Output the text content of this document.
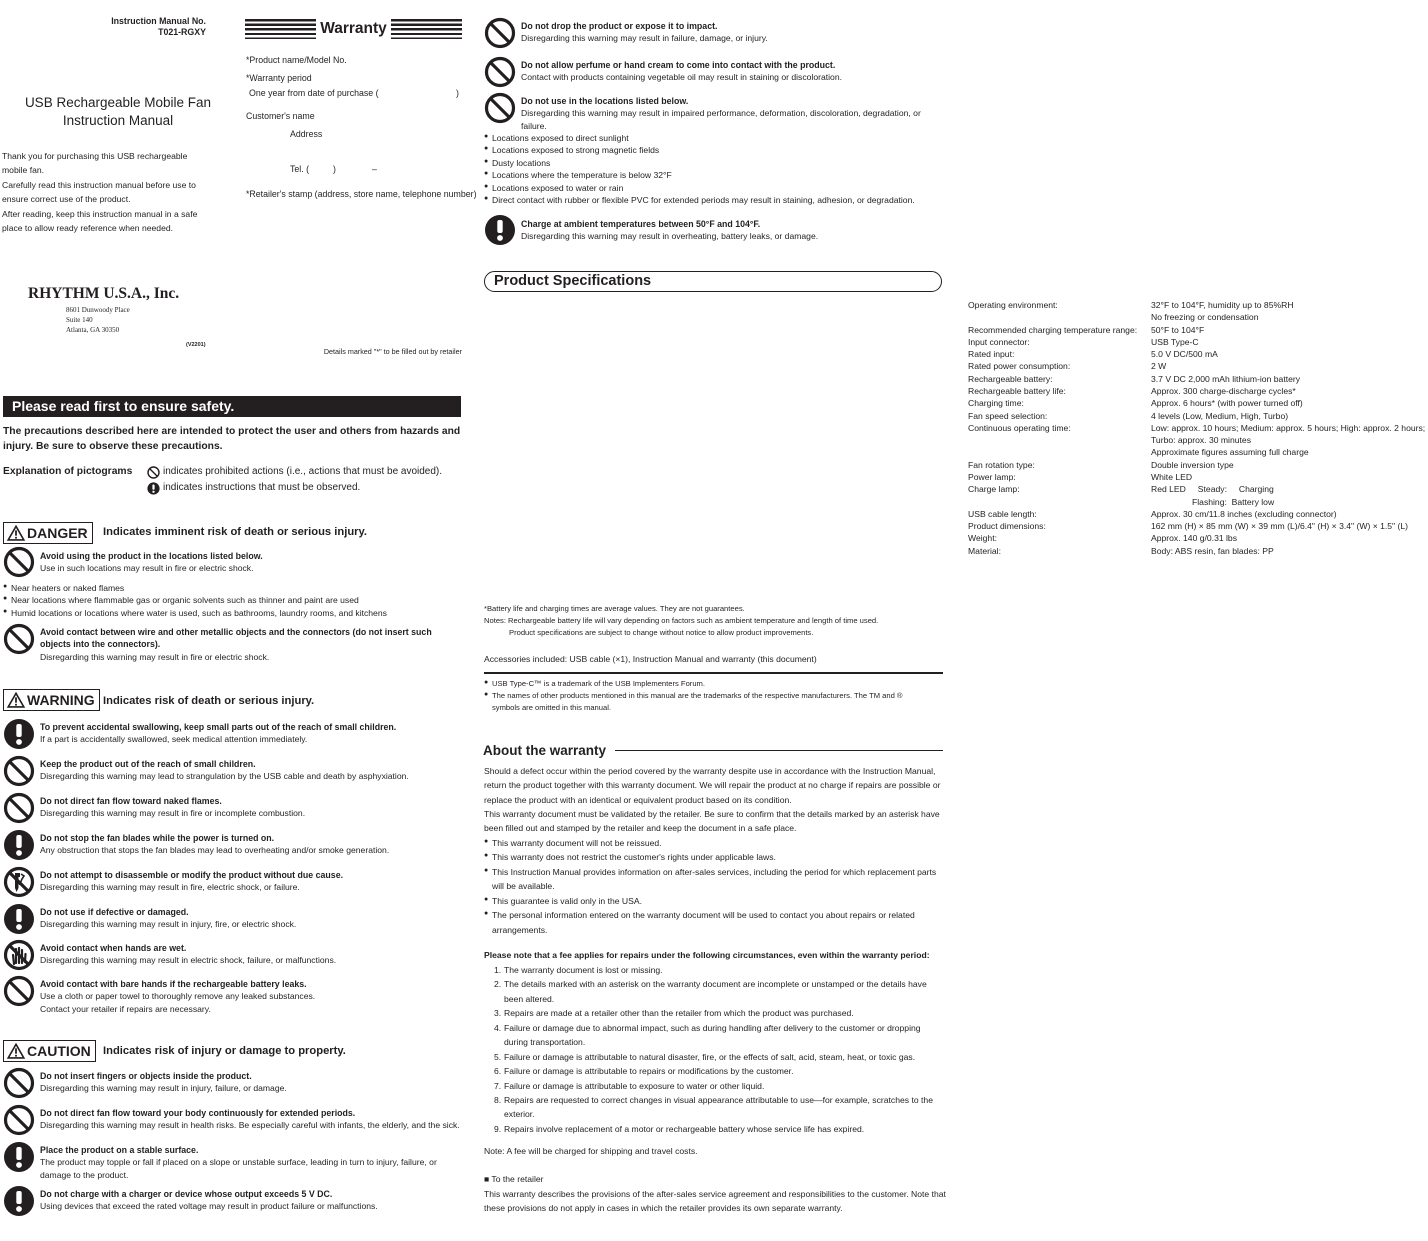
Instruction Manual No.
T021-RGXY
USB Rechargeable Mobile Fan
Instruction Manual
Thank you for purchasing this USB rechargeable
mobile fan.
Carefully read this instruction manual before use to
ensure correct use of the product.
After reading, keep this instruction manual in a safe
place to allow ready reference when needed.
RHYTHM U.S.A., Inc.
8601 Dunwoody Place
Suite 140
Atlanta, GA 30350
(V2201)
Details marked "*" to be filled out by retailer
Warranty
*Product name/Model No.
*Warranty period
One year from date of purchase (	)
Customer's name
Address
Tel. (	)	–
*Retailer's stamp (address, store name, telephone number)
Please read first to ensure safety.
The precautions described here are intended to protect the user and others from hazards and injury. Be sure to observe these precautions.
Explanation of pictograms	indicates prohibited actions (i.e., actions that must be avoided).
indicates instructions that must be observed.
DANGER Indicates imminent risk of death or serious injury.
Avoid using the product in the locations listed below.
Use in such locations may result in fire or electric shock.
● Near heaters or naked flames
● Near locations where flammable gas or organic solvents such as thinner and paint are used
● Humid locations or locations where water is used, such as bathrooms, laundry rooms, and kitchens
Avoid contact between wire and other metallic objects and the connectors (do not insert such objects into the connectors).
Disregarding this warning may result in fire or electric shock.
WARNING Indicates risk of death or serious injury.
To prevent accidental swallowing, keep small parts out of the reach of small children.
If a part is accidentally swallowed, seek medical attention immediately.
Keep the product out of the reach of small children.
Disregarding this warning may lead to strangulation by the USB cable and death by asphyxiation.
Do not direct fan flow toward naked flames.
Disregarding this warning may result in fire or incomplete combustion.
Do not stop the fan blades while the power is turned on.
Any obstruction that stops the fan blades may lead to overheating and/or smoke generation.
Do not attempt to disassemble or modify the product without due cause.
Disregarding this warning may result in fire, electric shock, or failure.
Do not use if defective or damaged.
Disregarding this warning may result in injury, fire, or electric shock.
Avoid contact when hands are wet.
Disregarding this warning may result in electric shock, failure, or malfunctions.
Avoid contact with bare hands if the rechargeable battery leaks.
Use a cloth or paper towel to thoroughly remove any leaked substances.
Contact your retailer if repairs are necessary.
CAUTION Indicates risk of injury or damage to property.
Do not insert fingers or objects inside the product.
Disregarding this warning may result in injury, failure, or damage.
Do not direct fan flow toward your body continuously for extended periods.
Disregarding this warning may result in health risks. Be especially careful with infants, the elderly, and the sick.
Place the product on a stable surface.
The product may topple or fall if placed on a slope or unstable surface, leading in turn to injury, failure, or damage to the product.
Do not charge with a charger or device whose output exceeds 5 V DC.
Using devices that exceed the rated voltage may result in product failure or malfunctions.
Do not drop the product or expose it to impact.
Disregarding this warning may result in failure, damage, or injury.
Do not allow perfume or hand cream to come into contact with the product.
Contact with products containing vegetable oil may result in staining or discoloration.
Do not use in the locations listed below.
Disregarding this warning may result in impaired performance, deformation, discoloration, degradation, or failure.
● Locations exposed to direct sunlight
● Locations exposed to strong magnetic fields
● Dusty locations
● Locations where the temperature is below 32°F
● Locations exposed to water or rain
● Direct contact with rubber or flexible PVC for extended periods may result in staining, adhesion, or degradation.
Charge at ambient temperatures between 50°F and 104°F.
Disregarding this warning may result in overheating, battery leaks, or damage.
Product Specifications
Operating environment:	32°F to 104°F, humidity up to 85%RH
No freezing or condensation
Recommended charging temperature range:	50°F to 104°F
Input connector:	USB Type-C
Rated input:	5.0 V DC/500 mA
Rated power consumption:	2 W
Rechargeable battery:	3.7 V DC 2,000 mAh lithium-ion battery
Rechargeable battery life:	Approx. 300 charge-discharge cycles*
Charging time:	Approx. 6 hours* (with power turned off)
Fan speed selection:	4 levels (Low, Medium, High, Turbo)
Continuous operating time:	Low: approx. 10 hours; Medium: approx. 5 hours; High: approx. 2 hours;
Turbo: approx. 30 minutes
Approximate figures assuming full charge
Fan rotation type:	Double inversion type
Power lamp:	White LED
Charge lamp:	Red LED     Steady:     Charging
Flashing:  Battery low
USB cable length:	Approx. 30 cm/11.8 inches (excluding connector)
Product dimensions:	162 mm (H) × 85 mm (W) × 39 mm (L)/6.4" (H) × 3.4" (W) × 1.5" (L)
Weight:	Approx. 140 g/0.31 lbs
Material:	Body: ABS resin, fan blades: PP
*Battery life and charging times are average values. They are not guarantees.
Notes: Rechargeable battery life will vary depending on factors such as ambient temperature and length of time used.
Product specifications are subject to change without notice to allow product improvements.
Accessories included: USB cable (×1), Instruction Manual and warranty (this document)
● USB Type-C™ is a trademark of the USB Implementers Forum.
● The names of other products mentioned in this manual are the trademarks of the respective manufacturers. The TM and ®
symbols are omitted in this manual.
About the warranty
Should a defect occur within the period covered by the warranty despite use in accordance with the Instruction Manual, return the product together with this warranty document. We will repair the product at no charge if repairs are possible or replace the product with an identical or equivalent product based on its condition.
This warranty document must be validated by the retailer. Be sure to confirm that the details marked by an asterisk have been filled out and stamped by the retailer and keep the document in a safe place.
● This warranty document will not be reissued.
● This warranty does not restrict the customer's rights under applicable laws.
● This Instruction Manual provides information on after-sales services, including the period for which replacement parts will be available.
● This guarantee is valid only in the USA.
● The personal information entered on the warranty document will be used to contact you about repairs or related arrangements.
Please note that a fee applies for repairs under the following circumstances, even within the warranty period:
1. The warranty document is lost or missing.
2. The details marked with an asterisk on the warranty document are incomplete or unstamped or the details have been altered.
3. Repairs are made at a retailer other than the retailer from which the product was purchased.
4. Failure or damage due to abnormal impact, such as during handling after delivery to the customer or dropping during transportation.
5. Failure or damage is attributable to natural disaster, fire, or the effects of salt, acid, steam, heat, or toxic gas.
6. Failure or damage is attributable to repairs or modifications by the customer.
7. Failure or damage is attributable to exposure to water or other liquid.
8. Repairs are requested to correct changes in visual appearance attributable to use—for example, scratches to the exterior.
9. Repairs involve replacement of a motor or rechargeable battery whose service life has expired.
Note: A fee will be charged for shipping and travel costs.
■ To the retailer
This warranty describes the provisions of the after-sales service agreement and responsibilities to the customer. Note that these provisions do not apply in cases in which the retailer provides its own separate warranty.
